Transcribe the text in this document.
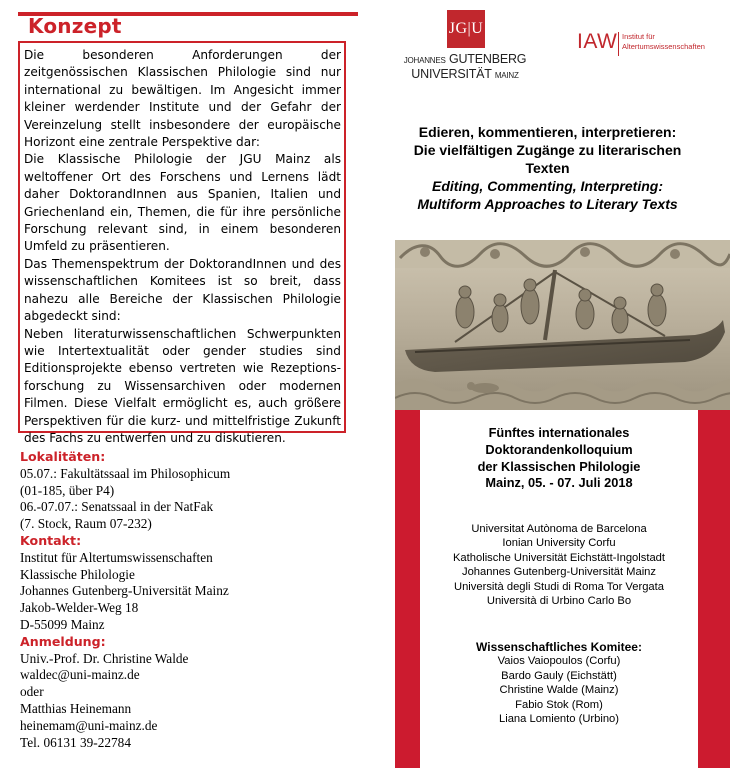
Konzept

Die besonderen Anforderungen der zeitgenössischen Klassischen Philologie sind nur international zu bewältigen. Im Angesicht immer kleiner werdender Institute und der Gefahr der Vereinzelung stellt insbesondere der europäische Horizont eine zentrale Perspektive dar:

Die Klassische Philologie der JGU Mainz als weltoffener Ort des Forschens und Lernens lädt daher DoktorandInnen aus Spanien, Italien und Griechenland ein, Themen, die für ihre persönliche Forschung relevant sind, in einem besonderen Umfeld zu präsentieren.

Das Themenspektrum der DoktorandInnen und des wissenschaftlichen Komitees ist so breit, dass nahezu alle Bereiche der Klassischen Philologie abgedeckt sind:

Neben literaturwissenschaftlichen Schwerpunkten wie Intertextualität oder gender studies sind Editionsprojekte ebenso vertreten wie Rezeptions-forschung zu Wissensarchiven oder modernen Filmen. Diese Vielfalt ermöglicht es, auch größere Perspektiven für die kurz- und mittelfristige Zukunft des Fachs zu entwerfen und zu diskutieren.

Lokalitäten:
05.07.: Fakultätssaal im Philosophicum
(01-185, über P4)
06.-07.07.: Senatssaal in der NatFak
(7. Stock, Raum 07-232)
Kontakt:
Institut für Altertumswissenschaften
Klassische Philologie
Johannes Gutenberg-Universität Mainz
Jakob-Welder-Weg 18
D-55099 Mainz
Anmeldung:
Univ.-Prof. Dr. Christine Walde
waldec@uni-mainz.de
oder
Matthias Heinemann
heinemam@uni-mainz.de
Tel. 06131 39-22784
JG|U
JOHANNES GUTENBERG
UNIVERSITÄT MAINZ
IAW Institut für
Altertumswissenschaften
Edieren, kommentieren, interpretieren:
Die vielfältigen Zugänge zu literarischen
Texten
Editing, Commenting, Interpreting:
Multiform Approaches to Literary Texts
Fünftes internationales
Doktorandenkolloquium
der Klassischen Philologie
Mainz, 05. - 07. Juli 2018
Universitat Autònoma de Barcelona
Ionian University Corfu
Katholische Universität Eichstätt-Ingolstadt
Johannes Gutenberg-Universität Mainz
Università degli Studi di Roma Tor Vergata
Università di Urbino Carlo Bo
Wissenschaftliches Komitee:
Vaios Vaiopoulos (Corfu)
Bardo Gauly (Eichstätt)
Christine Walde (Mainz)
Fabio Stok (Rom)
Liana Lomiento (Urbino)
